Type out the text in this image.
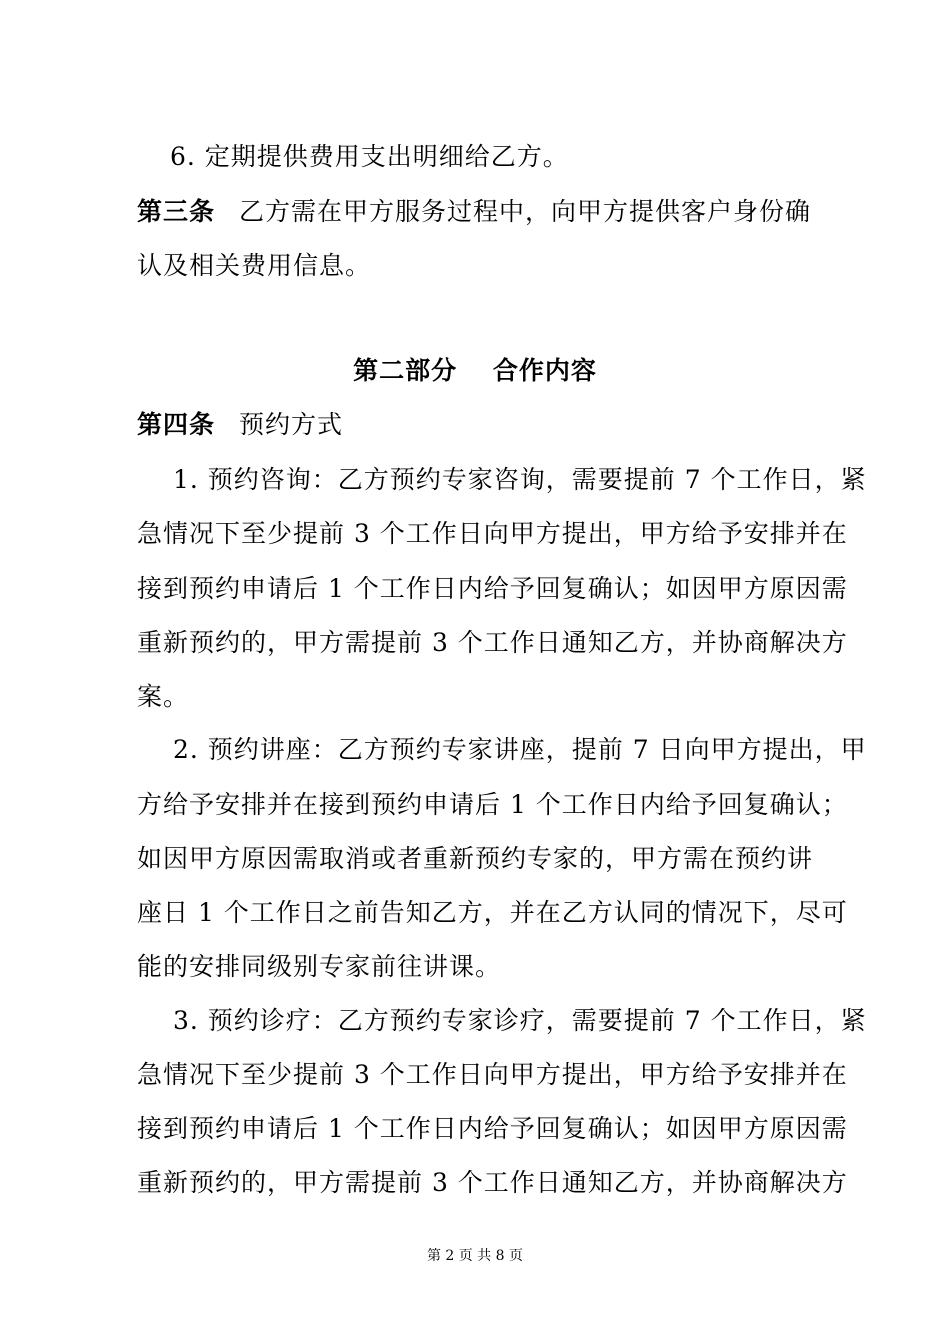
6. 定期提供费用支出明细给乙方。
第三条 乙方需在甲方服务过程中，向甲方提供客户身份确
认及相关费用信息。
第二部分　 合作内容
第四条 预约方式
1. 预约咨询：乙方预约专家咨询，需要提前 7 个工作日，紧
急情况下至少提前 3 个工作日向甲方提出，甲方给予安排并在
接到预约申请后 1 个工作日内给予回复确认；如因甲方原因需
重新预约的，甲方需提前 3 个工作日通知乙方，并协商解决方
案。
2. 预约讲座：乙方预约专家讲座，提前 7 日向甲方提出，甲
方给予安排并在接到预约申请后 1 个工作日内给予回复确认；
如因甲方原因需取消或者重新预约专家的，甲方需在预约讲
座日 1 个工作日之前告知乙方，并在乙方认同的情况下，尽可
能的安排同级别专家前往讲课。
3. 预约诊疗：乙方预约专家诊疗，需要提前 7 个工作日，紧
急情况下至少提前 3 个工作日向甲方提出，甲方给予安排并在
接到预约申请后 1 个工作日内给予回复确认；如因甲方原因需
重新预约的，甲方需提前 3 个工作日通知乙方，并协商解决方
第 2 页 共 8 页
